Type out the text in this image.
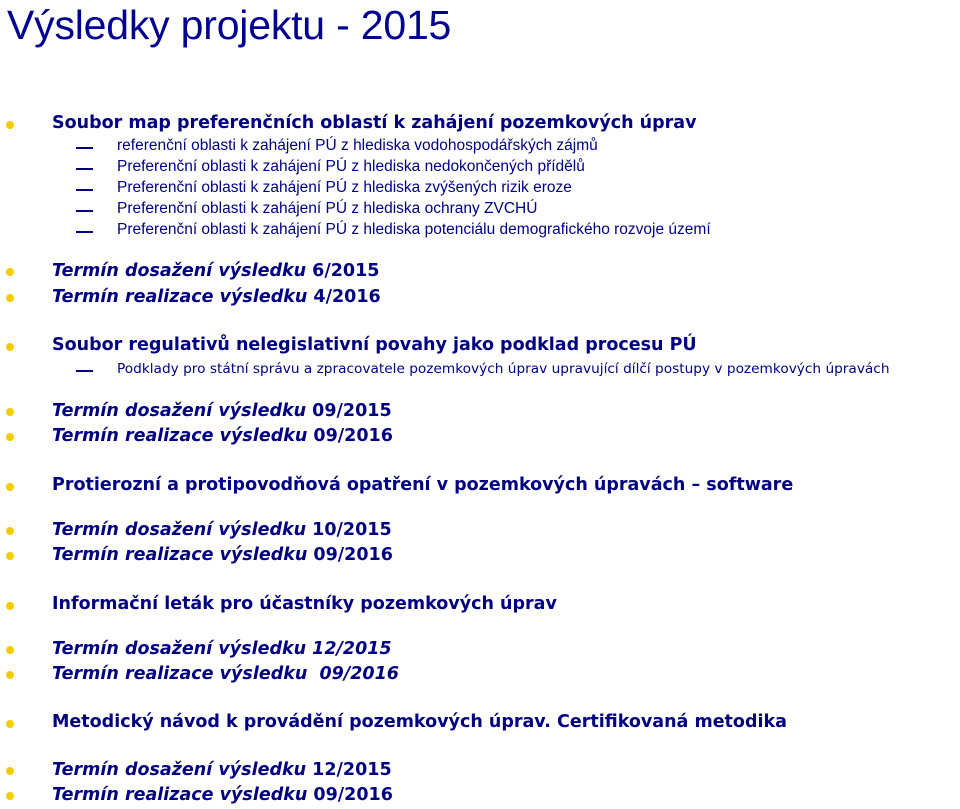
Výsledky projektu - 2015
Soubor map preferenčních oblastí k zahájení pozemkových úprav
referenční oblasti k zahájení PÚ z hlediska vodohospodářských zájmů
Preferenční oblasti k zahájení PÚ z hlediska nedokončených přídělů
Preferenční oblasti k zahájení PÚ z hlediska zvýšených rizik eroze
Preferenční oblasti k zahájení PÚ z hlediska ochrany ZVCHÚ
Preferenční oblasti k zahájení PÚ z hlediska potenciálu demografického rozvoje území
Termín dosažení výsledku 6/2015
Termín realizace výsledku 4/2016
Soubor regulativů nelegislativní povahy jako podklad procesu PÚ
Podklady pro státní správu a zpracovatele pozemkových úprav upravující dílčí postupy v pozemkových úpravách
Termín dosažení výsledku 09/2015
Termín realizace výsledku 09/2016
Protierozní a protipovodňová opatření v pozemkových úpravách – software
Termín dosažení výsledku 10/2015
Termín realizace výsledku 09/2016
Informační leták pro účastníky pozemkových úprav
Termín dosažení výsledku 12/2015
Termín realizace výsledku  09/2016
Metodický návod k provádění pozemkových úprav. Certifikovaná metodika
Termín dosažení výsledku 12/2015
Termín realizace výsledku 09/2016
